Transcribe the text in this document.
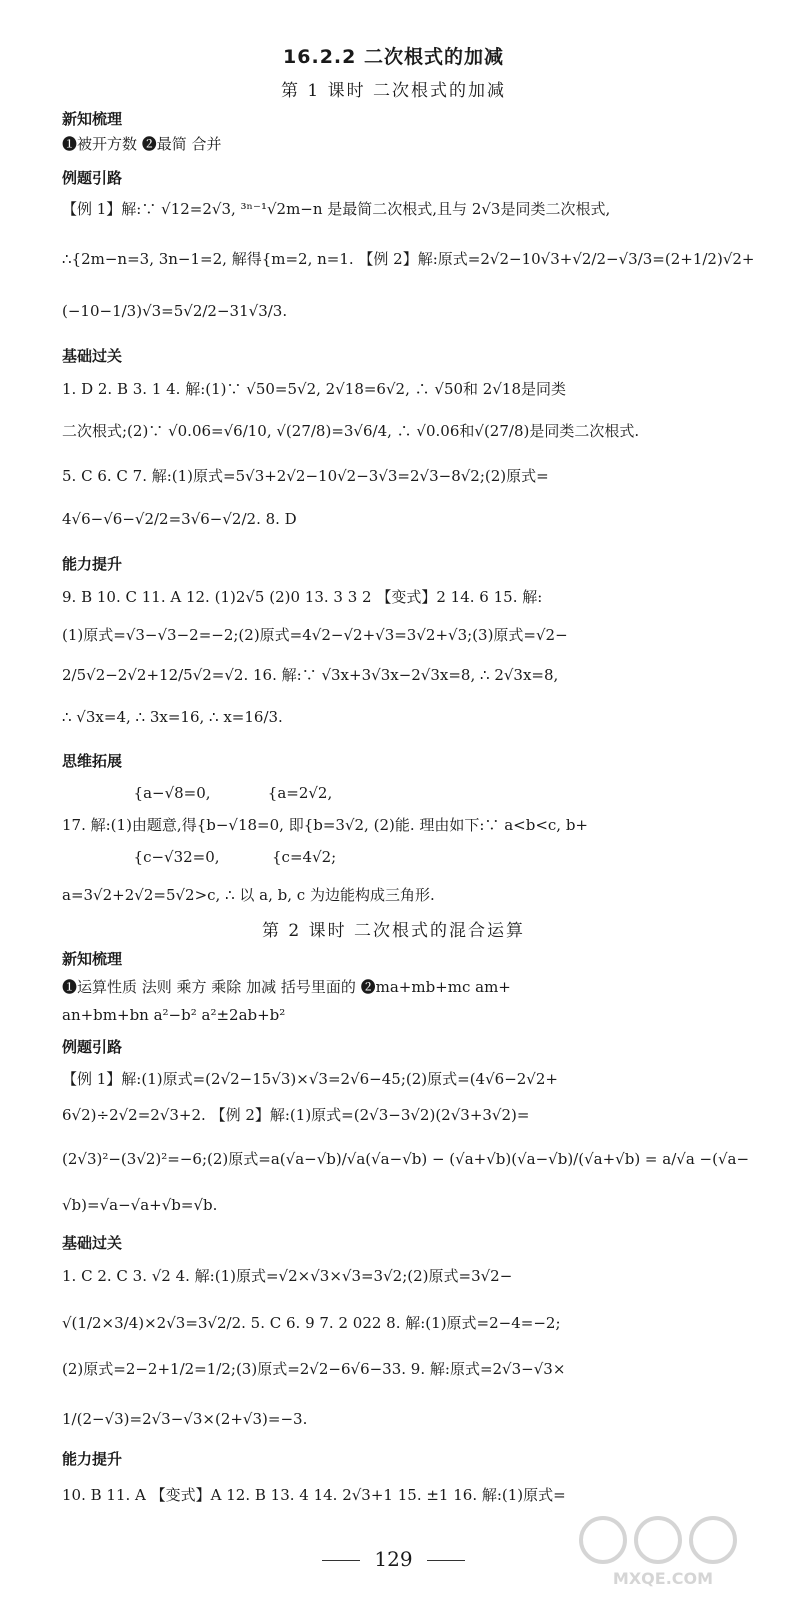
16.2.2 二次根式的加减
第 1 课时 二次根式的加减
新知梳理
❶被开方数 ❷最简 合并
例题引路
【例 1】解:∵ √12=2√3, ³ⁿ⁻¹√2m−n 是最简二次根式,且与 2√3是同类二次根式,
∴{2m−n=3, 3n−1=2, 解得{m=2, n=1. 【例 2】解:原式=2√2−10√3+√2/2−√3/3=(2+1/2)√2+
(−10−1/3)√3=5√2/2−31√3/3.
基础过关
1. D 2. B 3. 1 4. 解:(1)∵ √50=5√2, 2√18=6√2, ∴ √50和 2√18是同类
二次根式;(2)∵ √0.06=√6/10, √(27/8)=3√6/4, ∴ √0.06和√(27/8)是同类二次根式.
5. C 6. C 7. 解:(1)原式=5√3+2√2−10√2−3√3=2√3−8√2;(2)原式=
4√6−√6−√2/2=3√6−√2/2. 8. D
能力提升
9. B 10. C 11. A 12. (1)2√5 (2)0 13. 3 3 2 【变式】2 14. 6 15. 解:
(1)原式=√3−√3−2=−2;(2)原式=4√2−√2+√3=3√2+√3;(3)原式=√2−
2/5√2−2√2+12/5√2=√2. 16. 解:∵ √3x+3√3x−2√3x=8, ∴ 2√3x=8,
∴ √3x=4, ∴ 3x=16, ∴ x=16/3.
思维拓展
{a−√8=0,            {a=2√2,
17. 解:(1)由题意,得{b−√18=0, 即{b=3√2, (2)能. 理由如下:∵ a<b<c, b+
{c−√32=0,           {c=4√2;
a=3√2+2√2=5√2>c, ∴ 以 a, b, c 为边能构成三角形.
第 2 课时 二次根式的混合运算
新知梳理
❶运算性质 法则 乘方 乘除 加减 括号里面的 ❷ma+mb+mc am+
an+bm+bn a²−b² a²±2ab+b²
例题引路
【例 1】解:(1)原式=(2√2−15√3)×√3=2√6−45;(2)原式=(4√6−2√2+
6√2)÷2√2=2√3+2. 【例 2】解:(1)原式=(2√3−3√2)(2√3+3√2)=
(2√3)²−(3√2)²=−6;(2)原式=a(√a−√b)/√a(√a−√b) − (√a+√b)(√a−√b)/(√a+√b) = a/√a −(√a−
√b)=√a−√a+√b=√b.
基础过关
1. C 2. C 3. √2 4. 解:(1)原式=√2×√3×√3=3√2;(2)原式=3√2−
√(1/2×3/4)×2√3=3√2/2. 5. C 6. 9 7. 2 022 8. 解:(1)原式=2−4=−2;
(2)原式=2−2+1/2=1/2;(3)原式=2√2−6√6−33. 9. 解:原式=2√3−√3×
1/(2−√3)=2√3−√3×(2+√3)=−3.
能力提升
10. B 11. A 【变式】A 12. B 13. 4 14. 2√3+1 15. ±1 16. 解:(1)原式=
129
MXQE.COM
